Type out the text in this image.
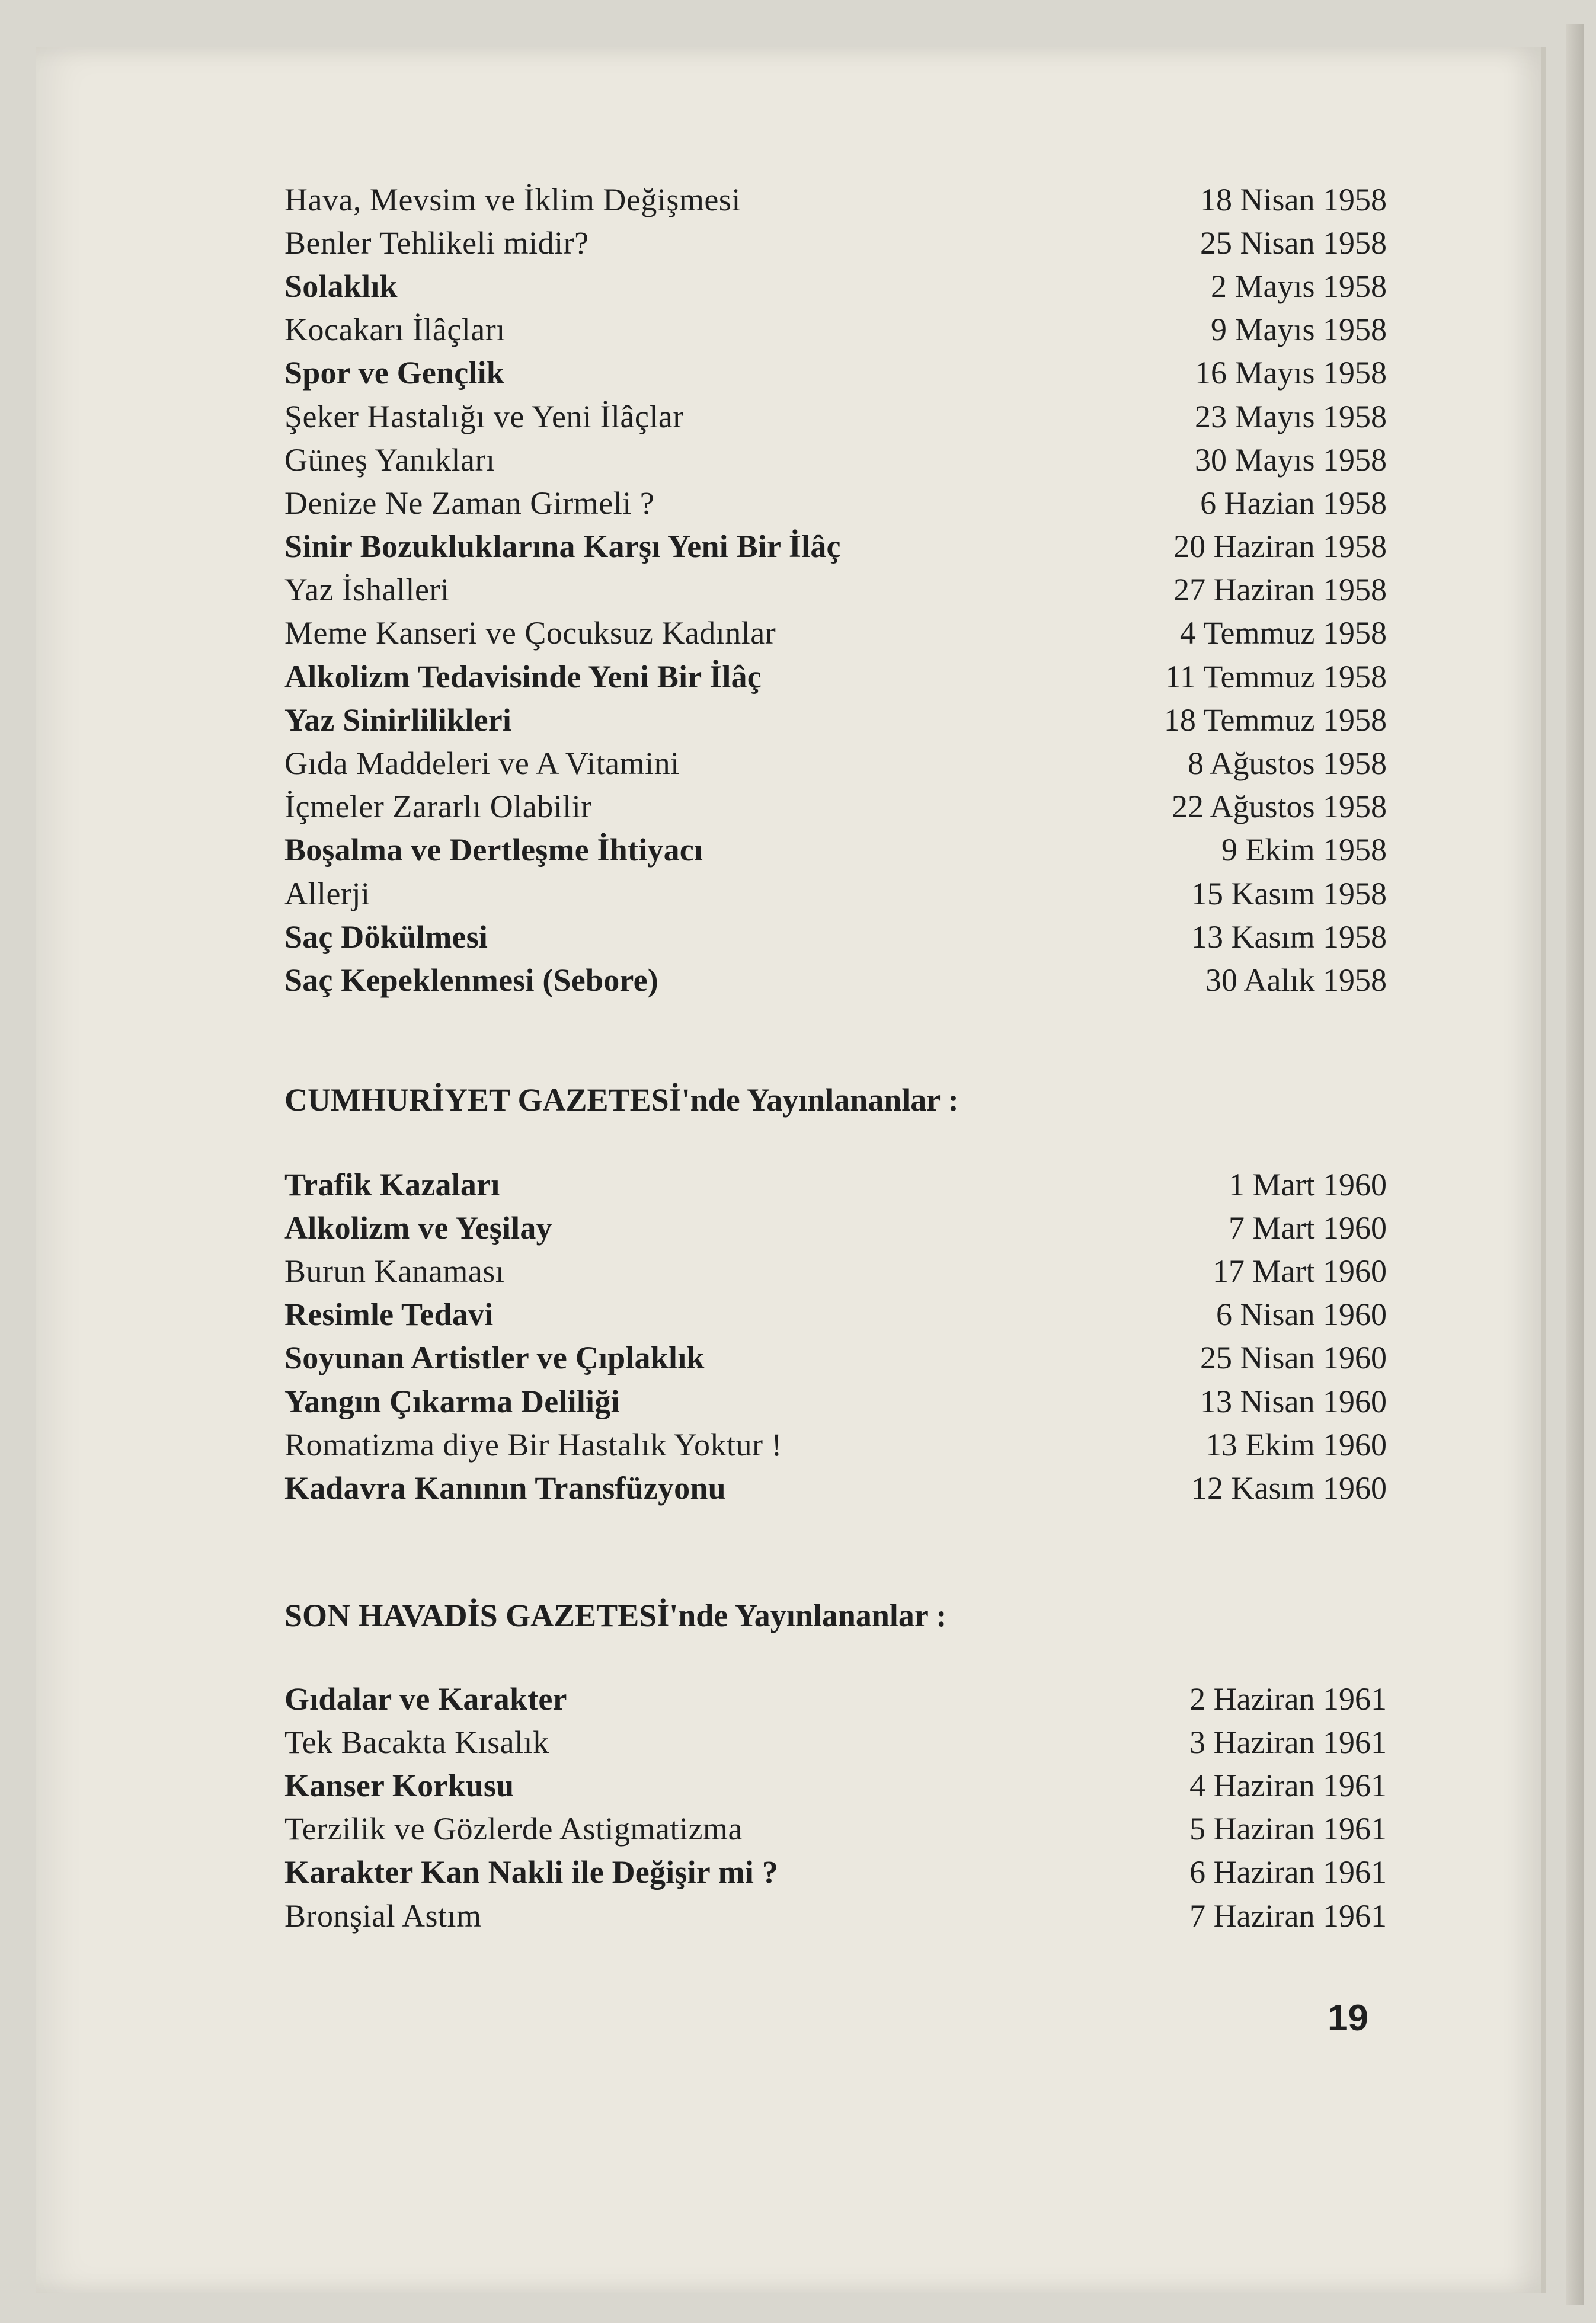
Hava, Mevsim ve İklim Değişmesi	18 Nisan 1958
Benler Tehlikeli midir?	25 Nisan 1958
Solaklık	2 Mayıs 1958
Kocakarı İlâçları	9 Mayıs 1958
Spor ve Gençlik	16 Mayıs 1958
Şeker Hastalığı ve Yeni İlâçlar	23 Mayıs 1958
Güneş Yanıkları	30 Mayıs 1958
Denize Ne Zaman Girmeli ?	6 Hazian 1958
Sinir Bozukluklarına Karşı Yeni Bir İlâç	20 Haziran 1958
Yaz İshalleri	27 Haziran 1958
Meme Kanseri ve Çocuksuz Kadınlar	4 Temmuz 1958
Alkolizm Tedavisinde Yeni Bir İlâç	11 Temmuz 1958
Yaz Sinirlilikleri	18 Temmuz 1958
Gıda Maddeleri ve A Vitamini	8 Ağustos 1958
İçmeler Zararlı Olabilir	22 Ağustos 1958
Boşalma ve Dertleşme İhtiyacı	9 Ekim 1958
Allerji	15 Kasım 1958
Saç Dökülmesi	13 Kasım 1958
Saç Kepeklenmesi (Sebore)	30 Aalık 1958
CUMHURİYET GAZETESİ'nde Yayınlananlar :
Trafik Kazaları	1 Mart 1960
Alkolizm ve Yeşilay	7 Mart 1960
Burun Kanaması	17 Mart 1960
Resimle Tedavi	6 Nisan 1960
Soyunan Artistler ve Çıplaklık	25 Nisan 1960
Yangın Çıkarma Deliliği	13 Nisan 1960
Romatizma diye Bir Hastalık Yoktur !	13 Ekim 1960
Kadavra Kanının Transfüzyonu	12 Kasım 1960
SON HAVADİS GAZETESİ'nde Yayınlananlar :
Gıdalar ve Karakter	2 Haziran 1961
Tek Bacakta Kısalık	3 Haziran 1961
Kanser Korkusu	4 Haziran 1961
Terzilik ve Gözlerde Astigmatizma	5 Haziran 1961
Karakter Kan Nakli ile Değişir mi ?	6 Haziran 1961
Bronşial Astım	7 Haziran 1961
19
